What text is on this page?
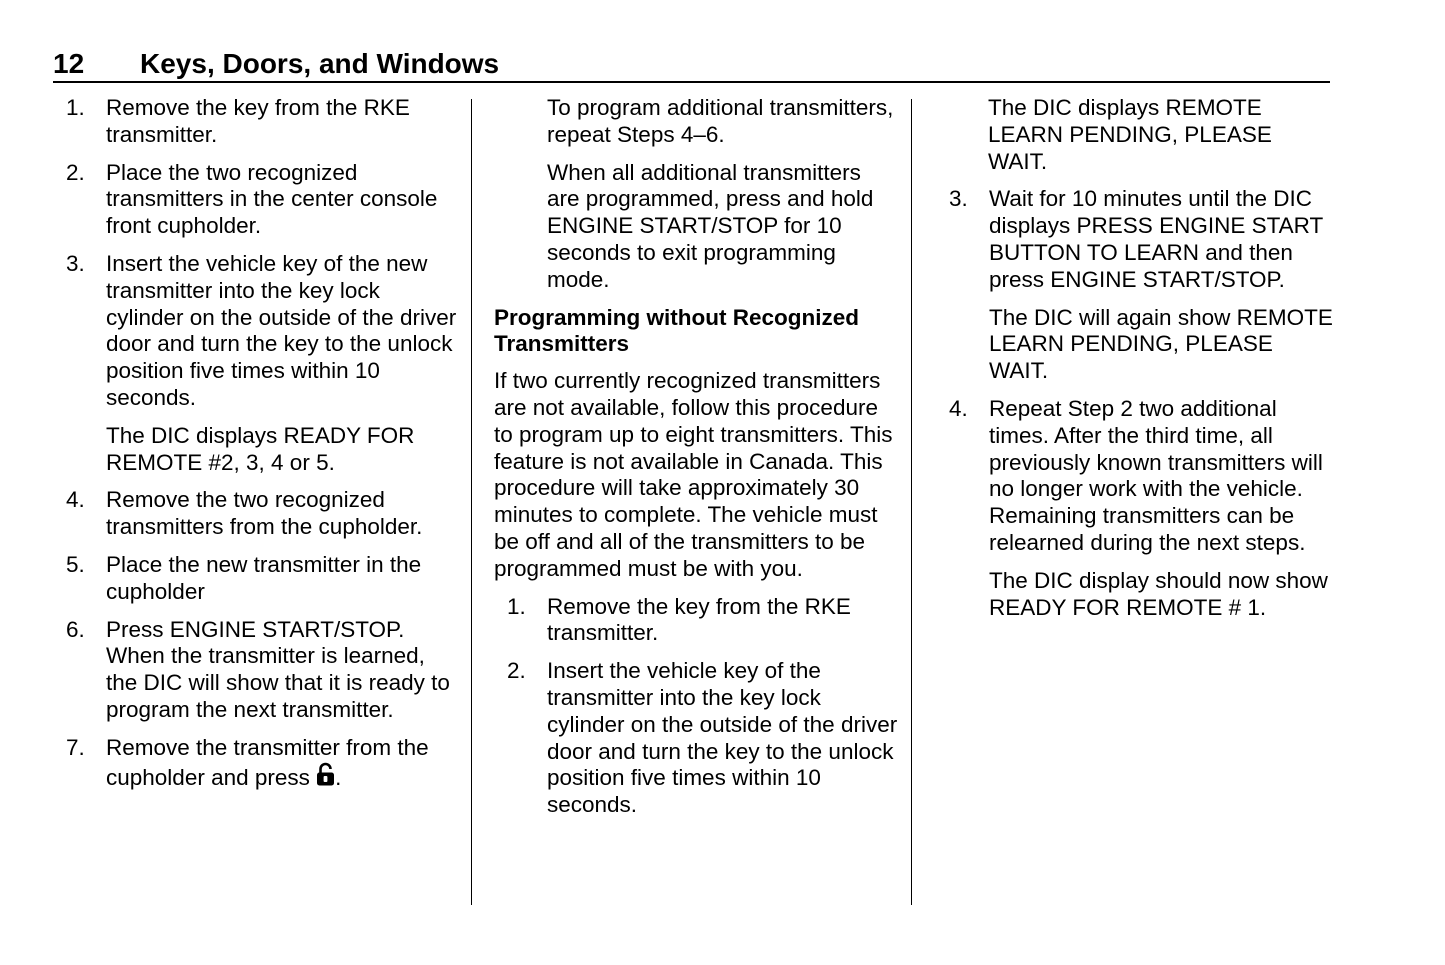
12 Keys, Doors, and Windows
1. Remove the key from the RKE transmitter.
2. Place the two recognized transmitters in the center console front cupholder.
3. Insert the vehicle key of the new transmitter into the key lock cylinder on the outside of the driver door and turn the key to the unlock position five times within 10 seconds.
The DIC displays READY FOR REMOTE #2, 3, 4 or 5.
4. Remove the two recognized transmitters from the cupholder.
5. Place the new transmitter in the cupholder
6. Press ENGINE START/STOP. When the transmitter is learned, the DIC will show that it is ready to program the next transmitter.
7. Remove the transmitter from the cupholder and press .

To program additional transmitters, repeat Steps 4–6.

When all additional transmitters are programmed, press and hold ENGINE START/STOP for 10 seconds to exit programming mode.

Programming without Recognized Transmitters

If two currently recognized transmitters are not available, follow this procedure to program up to eight transmitters. This feature is not available in Canada. This procedure will take approximately 30 minutes to complete. The vehicle must be off and all of the transmitters to be programmed must be with you.

1. Remove the key from the RKE transmitter.
2. Insert the vehicle key of the transmitter into the key lock cylinder on the outside of the driver door and turn the key to the unlock position five times within 10 seconds.

The DIC displays REMOTE LEARN PENDING, PLEASE WAIT.

3. Wait for 10 minutes until the DIC displays PRESS ENGINE START BUTTON TO LEARN and then press ENGINE START/STOP.
The DIC will again show REMOTE LEARN PENDING, PLEASE WAIT.
4. Repeat Step 2 two additional times. After the third time, all previously known transmitters will no longer work with the vehicle. Remaining transmitters can be relearned during the next steps.
The DIC display should now show READY FOR REMOTE # 1.
